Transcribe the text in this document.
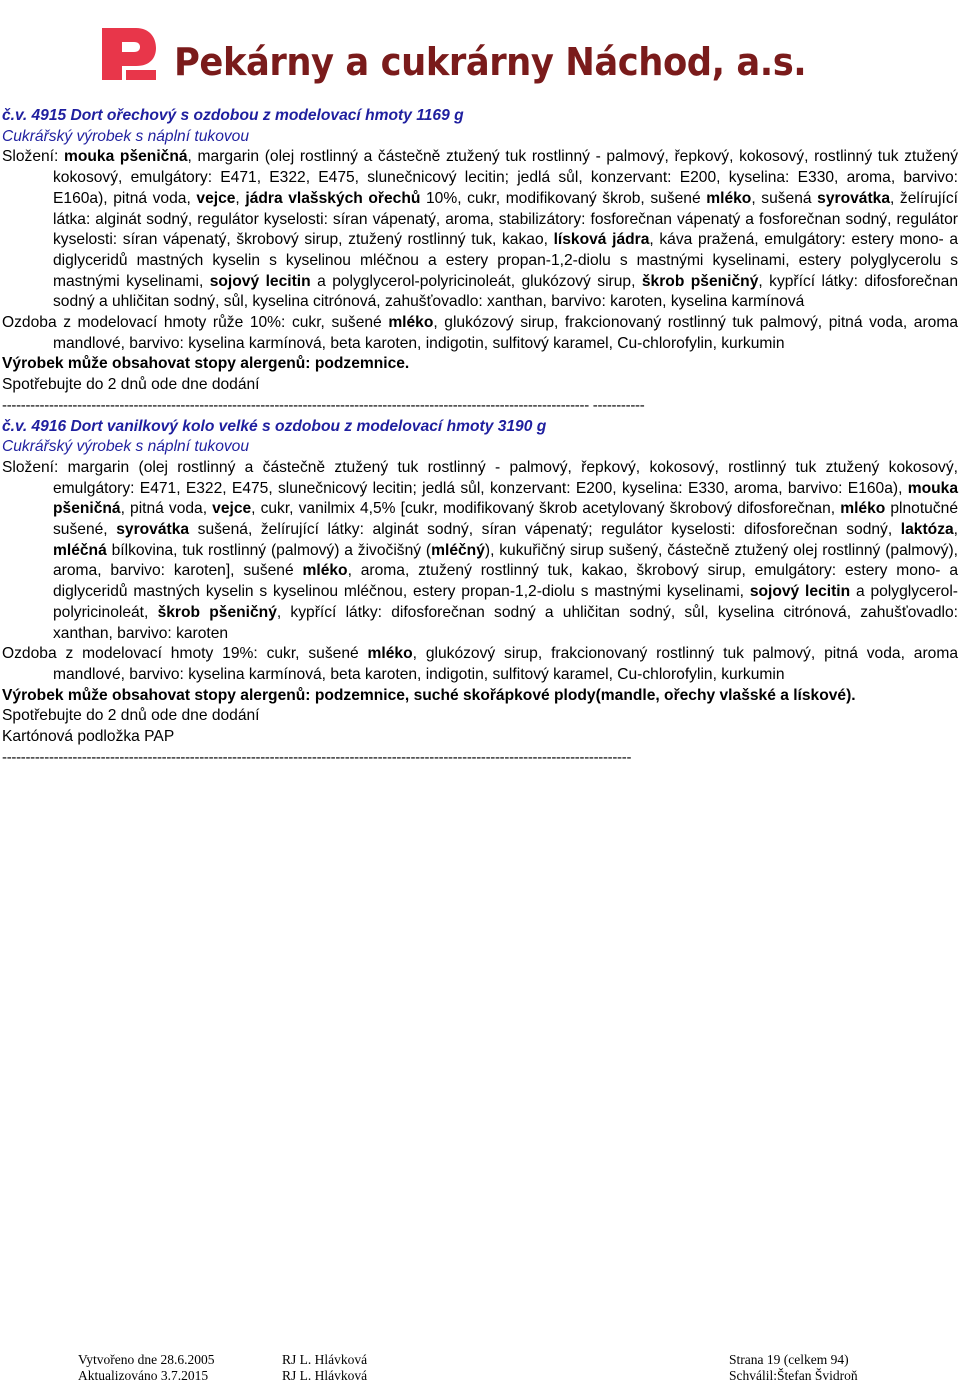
Pekárny a cukrárny Náchod, a.s.

č.v. 4915 Dort ořechový s ozdobou z modelovací hmoty 1169 g

Cukrářský výrobek s náplní tukovou

Složení: mouka pšeničná, margarin (olej rostlinný a částečně ztužený tuk rostlinný - palmový, řepkový, kokosový, rostlinný tuk ztužený kokosový, emulgátory: E471, E322, E475, slunečnicový lecitin; jedlá sůl, konzervant: E200, kyselina: E330, aroma, barvivo: E160a), pitná voda, vejce, jádra vlašských ořechů 10%, cukr, modifikovaný škrob, sušené mléko, sušená syrovátka, želírující látka: alginát sodný, regulátor kyselosti: síran vápenatý, aroma, stabilizátory: fosforečnan vápenatý a fosforečnan sodný, regulátor kyselosti: síran vápenatý, škrobový sirup, ztužený rostlinný tuk, kakao, lísková jádra, káva pražená, emulgátory: estery mono- a diglyceridů mastných kyselin s kyselinou mléčnou a estery propan-1,2-diolu s mastnými kyselinami, estery polyglycerolu s mastnými kyselinami, sojový lecitin a polyglycerol-polyricinoleát, glukózový sirup, škrob pšeničný, kypřící látky: difosforečnan sodný a uhličitan sodný, sůl, kyselina citrónová, zahušťovadlo: xanthan, barvivo: karoten, kyselina karmínová

Ozdoba z modelovací hmoty růže 10%: cukr, sušené mléko, glukózový sirup, frakcionovaný rostlinný tuk palmový, pitná voda, aroma mandlové, barvivo: kyselina karmínová, beta karoten, indigotin, sulfitový karamel, Cu-chlorofylin, kurkumin

Výrobek může obsahovat stopy alergenů: podzemnice.

Spotřebujte do 2 dnů ode dne dodání

----------------------------------------------------------------------------------------------------------------------------- -----------

č.v. 4916 Dort vanilkový kolo velké s ozdobou z modelovací hmoty 3190 g

Cukrářský výrobek s náplní tukovou

Složení: margarin (olej rostlinný a částečně ztužený tuk rostlinný - palmový, řepkový, kokosový, rostlinný tuk ztužený kokosový, emulgátory: E471, E322, E475, slunečnicový lecitin; jedlá sůl, konzervant: E200, kyselina: E330, aroma, barvivo: E160a), mouka pšeničná, pitná voda, vejce, cukr, vanilmix 4,5% [cukr, modifikovaný škrob acetylovaný škrobový difosforečnan, mléko plnotučné sušené, syrovátka sušená, želírující látky: alginát sodný, síran vápenatý; regulátor kyselosti: difosforečnan sodný, laktóza, mléčná bílkovina, tuk rostlinný (palmový) a živočišný (mléčný), kukuřičný sirup sušený, částečně ztužený olej rostlinný (palmový), aroma, barvivo: karoten], sušené mléko, aroma, ztužený rostlinný tuk, kakao, škrobový sirup, emulgátory: estery mono- a diglyceridů mastných kyselin s kyselinou mléčnou, estery propan-1,2-diolu s mastnými kyselinami, sojový lecitin a polyglycerol-polyricinoleát, škrob pšeničný, kypřící látky: difosforečnan sodný a uhličitan sodný, sůl, kyselina citrónová, zahušťovadlo: xanthan, barvivo: karoten

Ozdoba z modelovací hmoty 19%: cukr, sušené mléko, glukózový sirup, frakcionovaný rostlinný tuk palmový, pitná voda, aroma mandlové, barvivo: kyselina karmínová, beta karoten, indigotin, sulfitový karamel, Cu-chlorofylin, kurkumin

Výrobek může obsahovat stopy alergenů: podzemnice, suché skořápkové plody(mandle, ořechy vlašské a lískové).

Spotřebujte do 2 dnů ode dne dodání

Kartónová podložka PAP

--------------------------------------------------------------------------------------------------------------------------------------

Vytvořeno dne 28.6.2005
Aktualizováno 3.7.2015
RJ L. Hlávková
RJ L. Hlávková
Strana 19 (celkem 94)
Schválil:Štefan Švidroň
